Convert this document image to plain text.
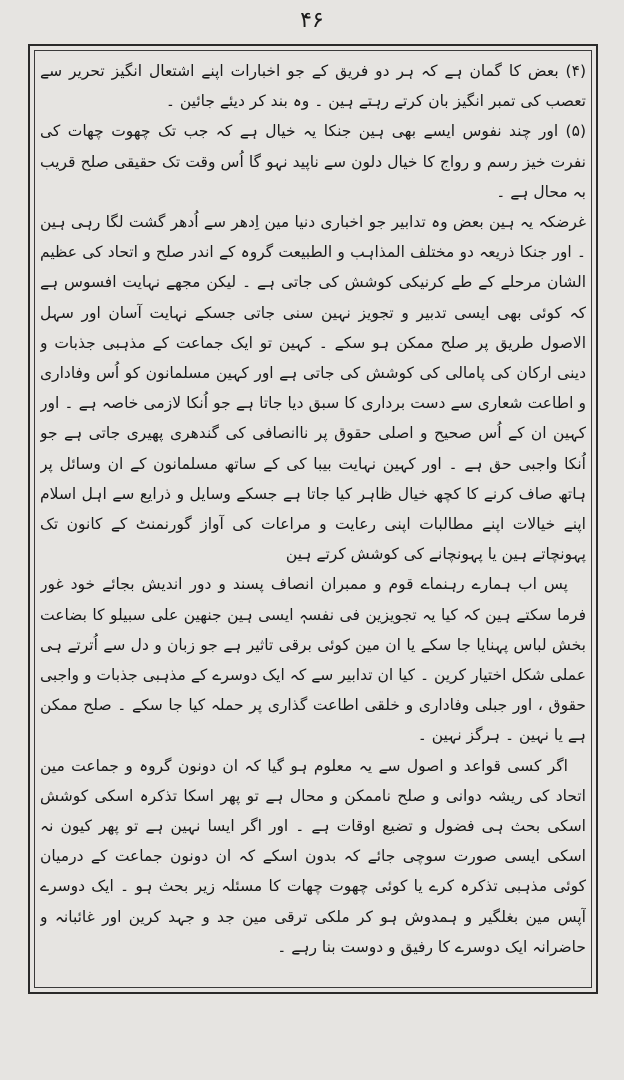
۴۶

(۴) بعض کا گمان ہے کہ ہر دو فریق کے جو اخبارات اپنے اشتعال انگیز تحریر سے تعصب کی تمبر انگیز بان کرتے رہتے ہین ۔ وہ بند کر دیئے جائین ۔

(۵) اور چند نفوس ایسے بھی ہین جنکا یہ خیال ہے کہ جب تک چھوت چھات کی نفرت خیز رسم و رواج کا خیال دلون سے ناپید نہو گا اُس وقت تک حقیقی صلح قریب بہ محال ہے ۔

غرضکہ یہ ہین بعض وہ تدابیر جو اخباری دنیا مین اِدھر سے اُدھر گشت لگا رہی ہین ۔ اور جنکا ذریعہ دو مختلف المذاہب و الطبیعت گروہ کے اندر صلح و اتحاد کی عظیم الشان مرحلے کے طے کرنیکی کوشش کی جاتی ہے ۔ لیکن مجھے نہایت افسوس ہے کہ کوئی بھی ایسی تدبیر و تجویز نہین سنی جاتی جسکے نہایت آسان اور سہل الاصول طریق پر صلح ممکن ہو سکے ۔ کہین تو ایک جماعت کے مذہبی جذبات و دینی ارکان کی پامالی کی کوشش کی جاتی ہے اور کہین مسلمانون کو اُس وفاداری و اطاعت شعاری سے دست برداری کا سبق دیا جاتا ہے جو اُنکا لازمی خاصہ ہے ۔ اور کہین ان کے اُس صحیح و اصلی حقوق پر ناانصافی کی گندھری پھیری جاتی ہے جو اُنکا واجبی حق ہے ۔ اور کہین نہایت بیبا کی کے ساتھ مسلمانون کے ان وسائل پر ہاتھ صاف کرنے کا کچھ خیال ظاہر کیا جاتا ہے جسکے وسایل و ذرایع سے اہل اسلام اپنے خیالات اپنے مطالبات اپنی رعایت و مراعات کی آواز گورنمنٹ کے کانون تک پہونچاتے ہین یا پہونچانے کی کوشش کرتے ہین

پس اب ہمارے رہنماے قوم و ممبران انصاف پسند و دور اندیش بجائے خود غور فرما سکتے ہین کہ کیا یہ تجویزین فی نفسہٖ ایسی ہین جنھین علی سبیلو کا بضاعت بخش لباس پہنایا جا سکے یا ان مین کوئی برقی تاثیر ہے جو زبان و دل سے اُترتے ہی عملی شکل اختیار کرین ۔ کیا ان تدابیر سے کہ ایک دوسرے کے مذہبی جذبات و واجبی حقوق ، اور جبلی وفاداری و خلقی اطاعت گذاری پر حملہ کیا جا سکے ۔ صلح ممکن ہے یا نہین ۔ ہرگز نہین ۔

اگر کسی قواعد و اصول سے یہ معلوم ہو گیا کہ ان دونون گروہ و جماعت مین اتحاد کی ریشہ دوانی و صلح ناممکن و محال ہے تو پھر اسکا تذکرہ اسکی کوشش اسکی بحث ہی فضول و تضیع اوقات ہے ۔ اور اگر ایسا نہین ہے تو پھر کیون نہ اسکی ایسی صورت سوچی جائے کہ بدون اسکے کہ ان دونون جماعت کے درمیان کوئی مذہبی تذکرہ کرے یا کوئی چھوت چھات کا مسئلہ زیر بحث ہو ۔ ایک دوسرے آپس مین بغلگیر و ہمدوش ہو کر ملکی ترقی مین جد و جہد کرین اور غائبانہ و حاضرانہ ایک دوسرے کا رفیق و دوست بنا رہے ۔
